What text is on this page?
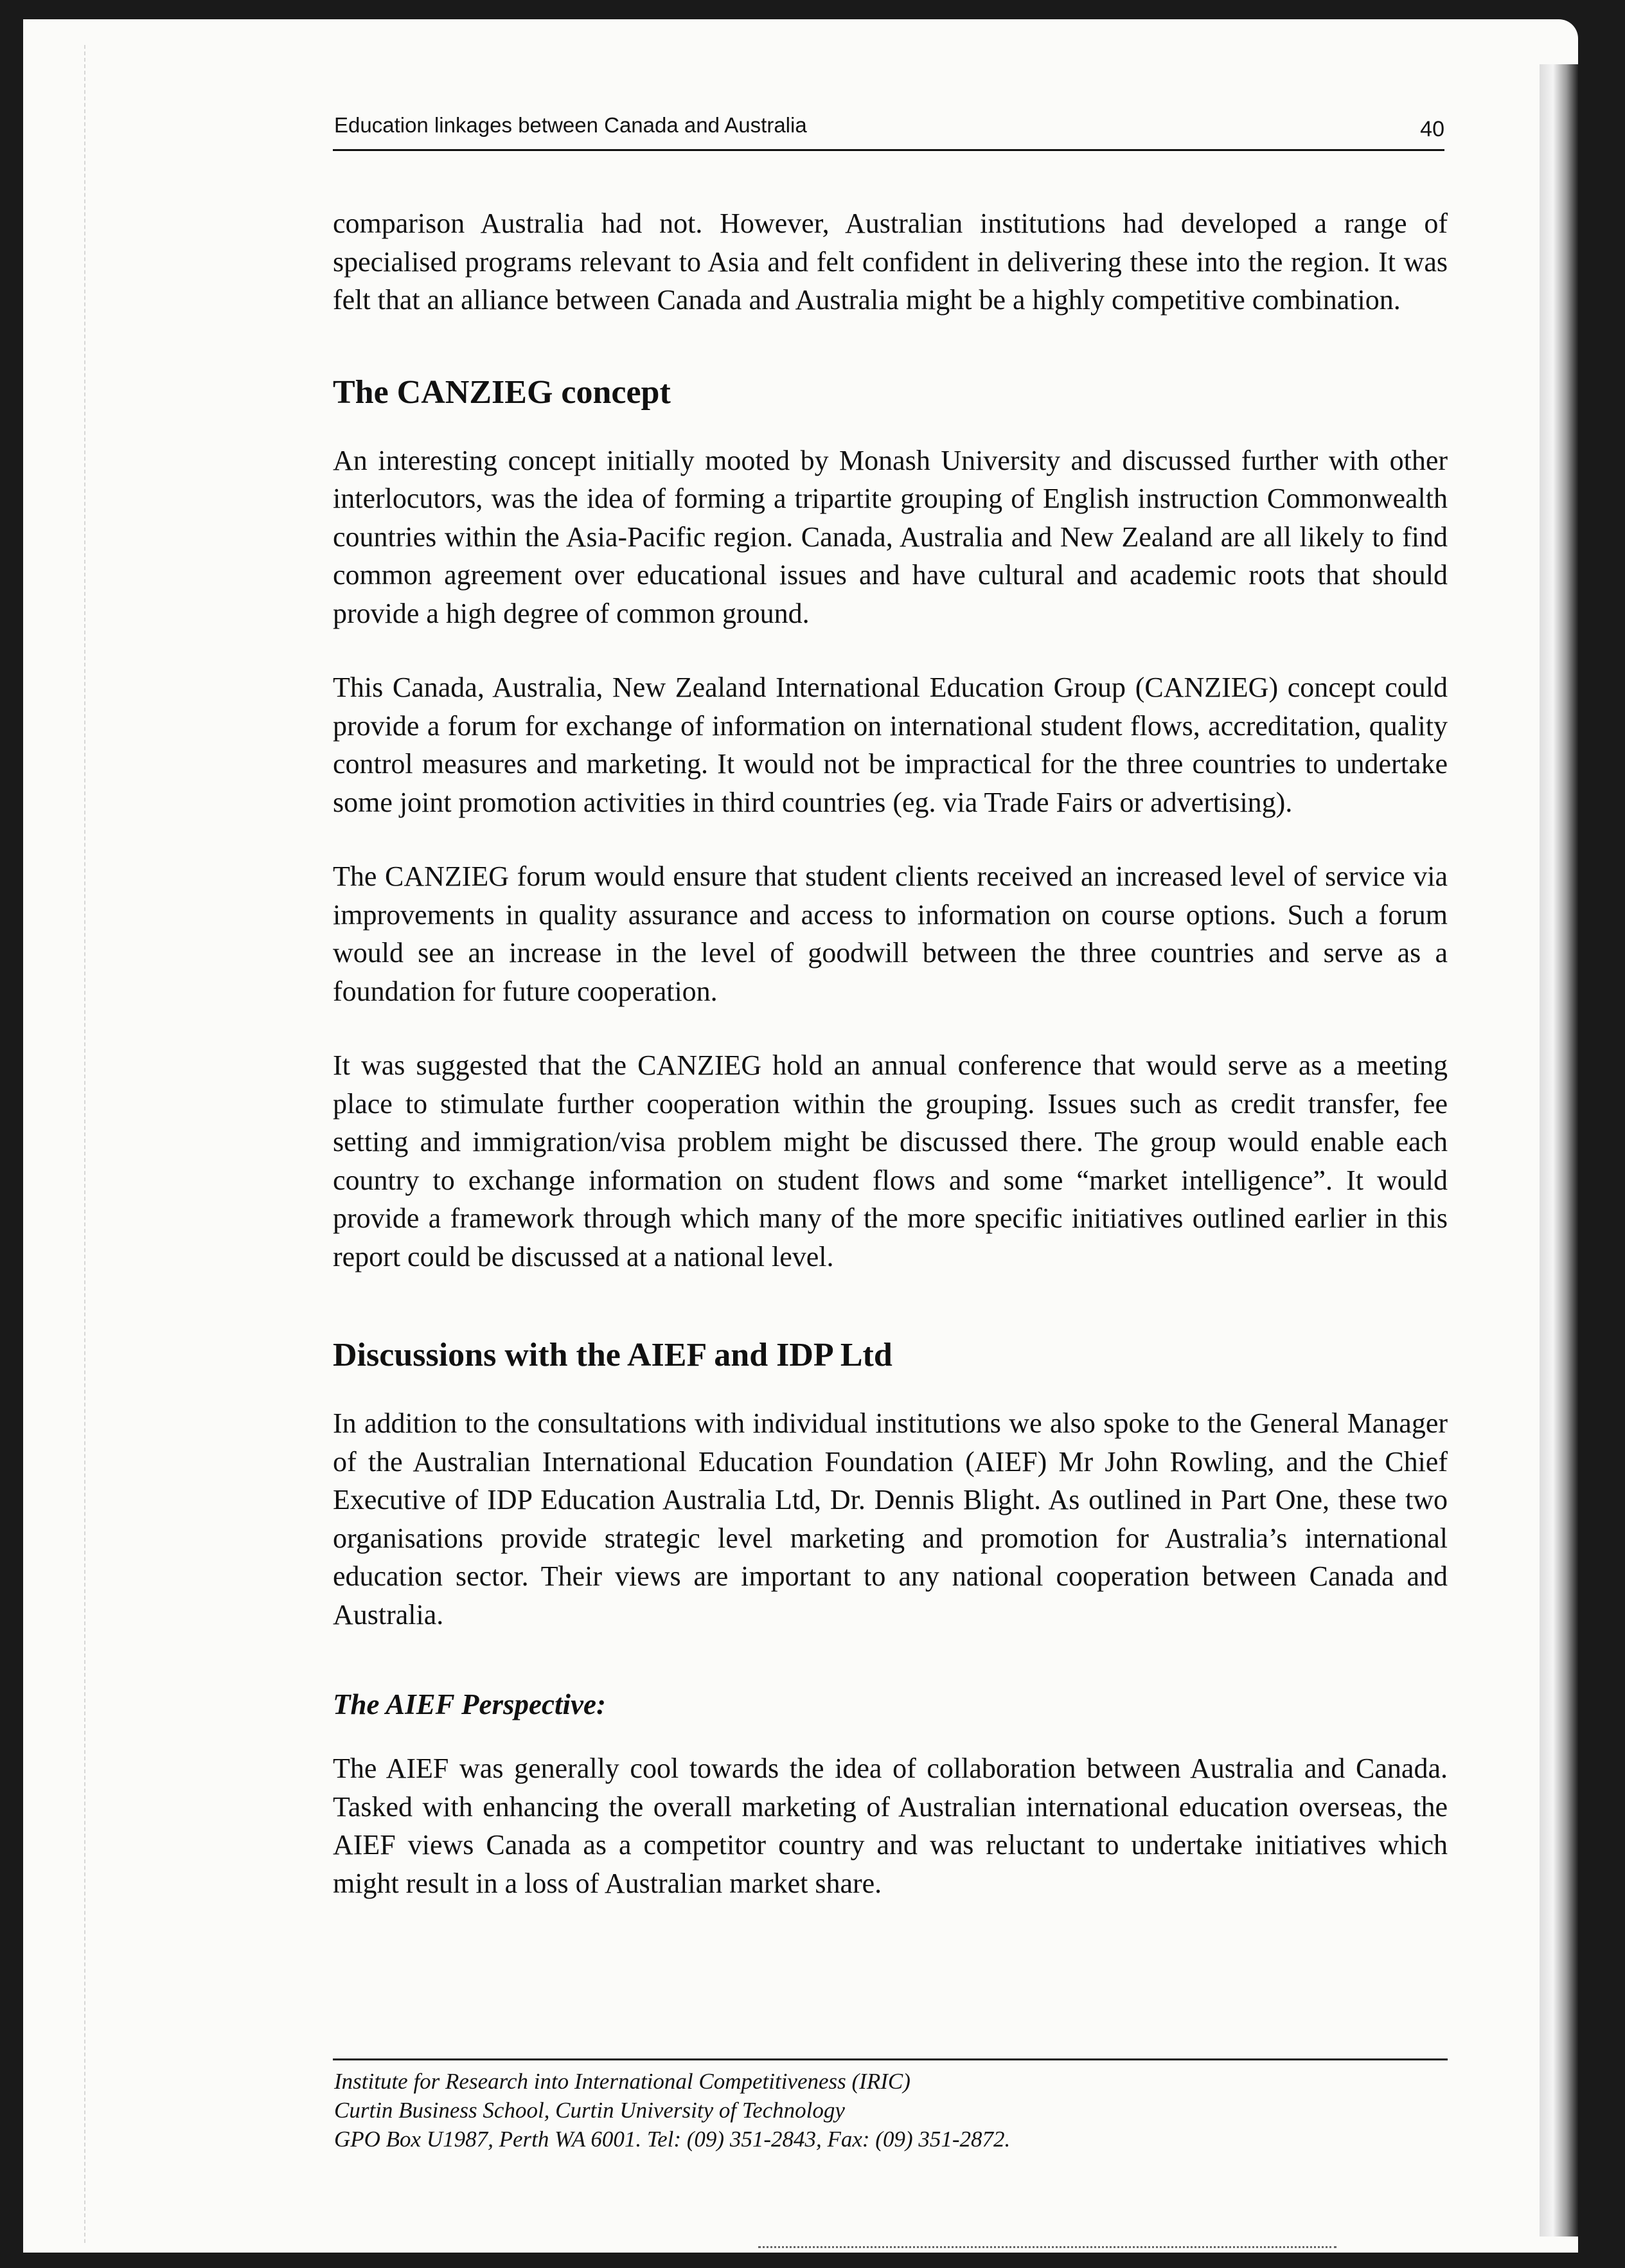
Education linkages between Canada and Australia	40

comparison Australia had not. However, Australian institutions had developed a range of specialised programs relevant to Asia and felt confident in delivering these into the region. It was felt that an alliance between Canada and Australia might be a highly competitive combination.

The CANZIEG concept

An interesting concept initially mooted by Monash University and discussed further with other interlocutors, was the idea of forming a tripartite grouping of English instruction Commonwealth countries within the Asia-Pacific region. Canada, Australia and New Zealand are all likely to find common agreement over educational issues and have cultural and academic roots that should provide a high degree of common ground.

This Canada, Australia, New Zealand International Education Group (CANZIEG) concept could provide a forum for exchange of information on international student flows, accreditation, quality control measures and marketing. It would not be impractical for the three countries to undertake some joint promotion activities in third countries (eg. via Trade Fairs or advertising).

The CANZIEG forum would ensure that student clients received an increased level of service via improvements in quality assurance and access to information on course options. Such a forum would see an increase in the level of goodwill between the three countries and serve as a foundation for future cooperation.

It was suggested that the CANZIEG hold an annual conference that would serve as a meeting place to stimulate further cooperation within the grouping. Issues such as credit transfer, fee setting and immigration/visa problem might be discussed there. The group would enable each country to exchange information on student flows and some “market intelligence”. It would provide a framework through which many of the more specific initiatives outlined earlier in this report could be discussed at a national level.

Discussions with the AIEF and IDP Ltd

In addition to the consultations with individual institutions we also spoke to the General Manager of the Australian International Education Foundation (AIEF) Mr John Rowling, and the Chief Executive of IDP Education Australia Ltd, Dr. Dennis Blight. As outlined in Part One, these two organisations provide strategic level marketing and promotion for Australia’s international education sector. Their views are important to any national cooperation between Canada and Australia.

The AIEF Perspective:

The AIEF was generally cool towards the idea of collaboration between Australia and Canada. Tasked with enhancing the overall marketing of Australian international education overseas, the AIEF views Canada as a competitor country and was reluctant to undertake initiatives which might result in a loss of Australian market share.

Institute for Research into International Competitiveness (IRIC)
Curtin Business School, Curtin University of Technology
GPO Box U1987, Perth WA 6001. Tel: (09) 351-2843, Fax: (09) 351-2872.
